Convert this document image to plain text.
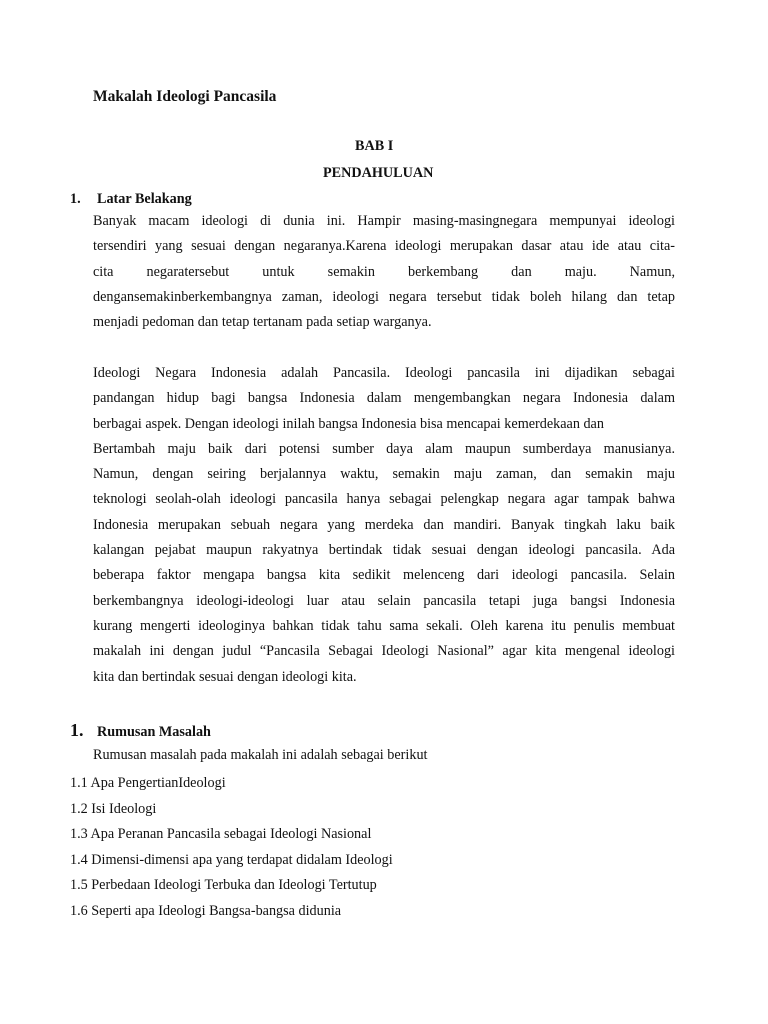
Makalah Ideologi Pancasila
BAB I
PENDAHULUAN
1.	Latar Belakang
Banyak macam ideologi di dunia ini. Hampir masing-masingnegara mempunyai ideologi
tersendiri yang sesuai dengan negaranya.Karena ideologi merupakan dasar atau ide atau cita-
cita negaratersebut untuk semakin berkembang dan maju. Namun,
dengansemakinberkembangnya zaman, ideologi negara tersebut tidak boleh hilang dan tetap
menjadi pedoman dan tetap tertanam pada setiap warganya.
Ideologi Negara Indonesia adalah Pancasila. Ideologi pancasila ini dijadikan sebagai
pandangan hidup bagi bangsa Indonesia dalam mengembangkan negara Indonesia dalam
berbagai aspek. Dengan ideologi inilah bangsa Indonesia bisa mencapai kemerdekaan dan
Bertambah maju baik dari potensi sumber daya alam maupun sumberdaya manusianya.
Namun, dengan seiring berjalannya waktu, semakin maju zaman, dan semakin maju
teknologi seolah-olah ideologi pancasila hanya sebagai pelengkap negara agar tampak bahwa
Indonesia merupakan sebuah negara yang merdeka dan mandiri. Banyak tingkah laku baik
kalangan pejabat maupun rakyatnya bertindak tidak sesuai dengan ideologi pancasila. Ada
beberapa faktor mengapa bangsa kita sedikit melenceng dari ideologi pancasila. Selain
berkembangnya ideologi-ideologi luar atau selain pancasila tetapi juga bangsi Indonesia
kurang mengerti ideologinya bahkan tidak tahu sama sekali. Oleh karena itu penulis membuat
makalah ini dengan judul “Pancasila Sebagai Ideologi Nasional” agar kita mengenal ideologi
kita dan bertindak sesuai dengan ideologi kita.
1. Rumusan Masalah
Rumusan masalah pada makalah ini adalah sebagai berikut
1.1 Apa PengertianIdeologi
1.2 Isi Ideologi
1.3 Apa Peranan Pancasila sebagai Ideologi Nasional
1.4 Dimensi-dimensi apa yang terdapat didalam Ideologi
1.5 Perbedaan Ideologi Terbuka dan Ideologi Tertutup
1.6 Seperti apa Ideologi Bangsa-bangsa didunia
